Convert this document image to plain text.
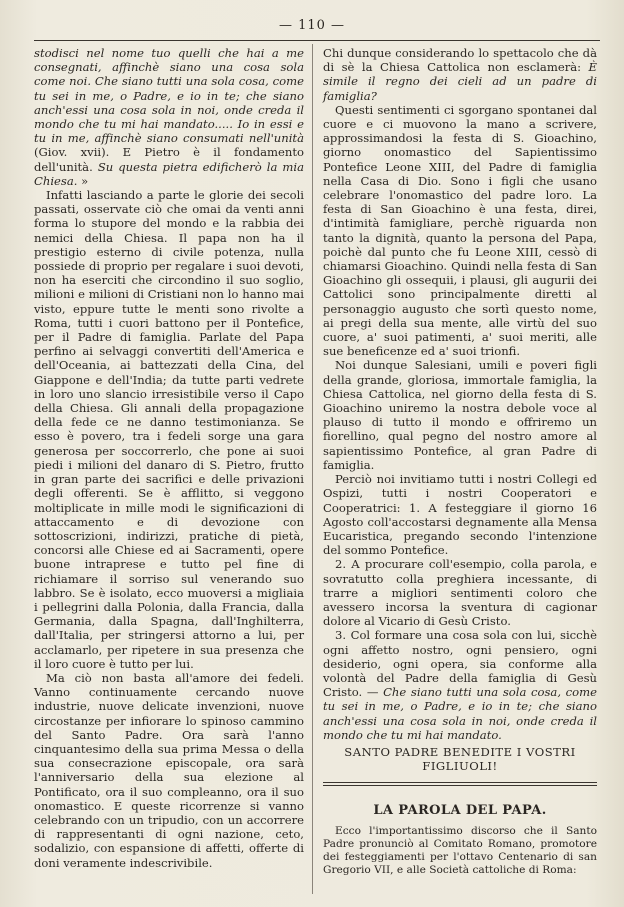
— 110 —

stodisci nel nome tuo quelli che hai a me consegnati, affinchè siano una cosa sola come noi. Che siano tutti una sola cosa, come tu sei in me, o Padre, e io in te; che siano anch'essi una cosa sola in noi, onde creda il mondo che tu mi hai mandato..... Io in essi e tu in me, affinchè siano consumati nell'unità (Giov. xvii). E Pietro è il fondamento dell'unità. Su questa pietra edificherò la mia Chiesa. »

Infatti lasciando a parte le glorie dei secoli passati, osservate ciò che omai da venti anni forma lo stupore del mondo e la rabbia dei nemici della Chiesa. Il papa non ha il prestigio esterno di civile potenza, nulla possiede di proprio per regalare i suoi devoti, non ha eserciti che circondino il suo soglio, milioni e milioni di Cristiani non lo hanno mai visto, eppure tutte le menti sono rivolte a Roma, tutti i cuori battono per il Pontefice, per il Padre di famiglia. Parlate del Papa perfino ai selvaggi convertiti dell'America e dell'Oceania, ai battezzati della Cina, del Giappone e dell'India; da tutte parti vedrete in loro uno slancio irresistibile verso il Capo della Chiesa. Gli annali della propagazione della fede ce ne danno testimonianza. Se esso è povero, tra i fedeli sorge una gara generosa per soccorrerlo, che pone ai suoi piedi i milioni del danaro di S. Pietro, frutto in gran parte dei sacrifici e delle privazioni degli offerenti. Se è afflitto, si veggono moltiplicate in mille modi le significazioni di attaccamento e di devozione con sottoscrizioni, indirizzi, pratiche di pietà, concorsi alle Chiese ed ai Sacramenti, opere buone intraprese e tutto pel fine di richiamare il sorriso sul venerando suo labbro. Se è isolato, ecco muoversi a migliaia i pellegrini dalla Polonia, dalla Francia, dalla Germania, dalla Spagna, dall'Inghilterra, dall'Italia, per stringersi attorno a lui, per acclamarlo, per ripetere in sua presenza che il loro cuore è tutto per lui.

Ma ciò non basta all'amore dei fedeli. Vanno continuamente cercando nuove industrie, nuove delicate invenzioni, nuove circostanze per infiorare lo spinoso cammino del Santo Padre. Ora sarà l'anno cinquantesimo della sua prima Messa o della sua consecrazione episcopale, ora sarà l'anniversario della sua elezione al Pontificato, ora il suo compleanno, ora il suo onomastico. E queste ricorrenze si vanno celebrando con un tripudio, con un accorrere di rappresentanti di ogni nazione, ceto, sodalizio, con espansione di affetti, offerte di doni veramente indescrivibile.

Chi dunque considerando lo spettacolo che dà di sè la Chiesa Cattolica non esclamerà: È simile il regno dei cieli ad un padre di famiglia?

Questi sentimenti ci sgorgano spontanei dal cuore e ci muovono la mano a scrivere, approssimandosi la festa di S. Gioachino, giorno onomastico del Sapientissimo Pontefice Leone XIII, del Padre di famiglia nella Casa di Dio. Sono i figli che usano celebrare l'onomastico del padre loro. La festa di San Gioachino è una festa, direi, d'intimità famigliare, perchè riguarda non tanto la dignità, quanto la persona del Papa, poichè dal punto che fu Leone XIII, cessò di chiamarsi Gioachino. Quindi nella festa di San Gioachino gli ossequii, i plausi, gli augurii dei Cattolici sono principalmente diretti al personaggio augusto che sortì questo nome, ai pregi della sua mente, alle virtù del suo cuore, a' suoi patimenti, a' suoi meriti, alle sue beneficenze ed a' suoi trionfi.

Noi dunque Salesiani, umili e poveri figli della grande, gloriosa, immortale famiglia, la Chiesa Cattolica, nel giorno della festa di S. Gioachino uniremo la nostra debole voce al plauso di tutto il mondo e offriremo un fiorellino, qual pegno del nostro amore al sapientissimo Pontefice, al gran Padre di famiglia.

Perciò noi invitiamo tutti i nostri Collegi ed Ospizi, tutti i nostri Cooperatori e Cooperatrici: 1. A festeggiare il giorno 16 Agosto coll'accostarsi degnamente alla Mensa Eucaristica, pregando secondo l'intenzione del sommo Pontefice.

2. A procurare coll'esempio, colla parola, e sovratutto colla preghiera incessante, di trarre a migliori sentimenti coloro che avessero incorsa la sventura di cagionar dolore al Vicario di Gesù Cristo.

3. Col formare una cosa sola con lui, sicchè ogni affetto nostro, ogni pensiero, ogni desiderio, ogni opera, sia conforme alla volontà del Padre della famiglia di Gesù Cristo. — Che siano tutti una sola cosa, come tu sei in me, o Padre, e io in te; che siano anch'essi una cosa sola in noi, onde creda il mondo che tu mi hai mandato.

SANTO PADRE BENEDITE I VOSTRI FIGLIUOLI!

LA PAROLA DEL PAPA.

Ecco l'importantissimo discorso che il Santo Padre pronunciò al Comitato Romano, promotore dei festeggiamenti per l'ottavo Centenario di san Gregorio VII, e alle Società cattoliche di Roma:
